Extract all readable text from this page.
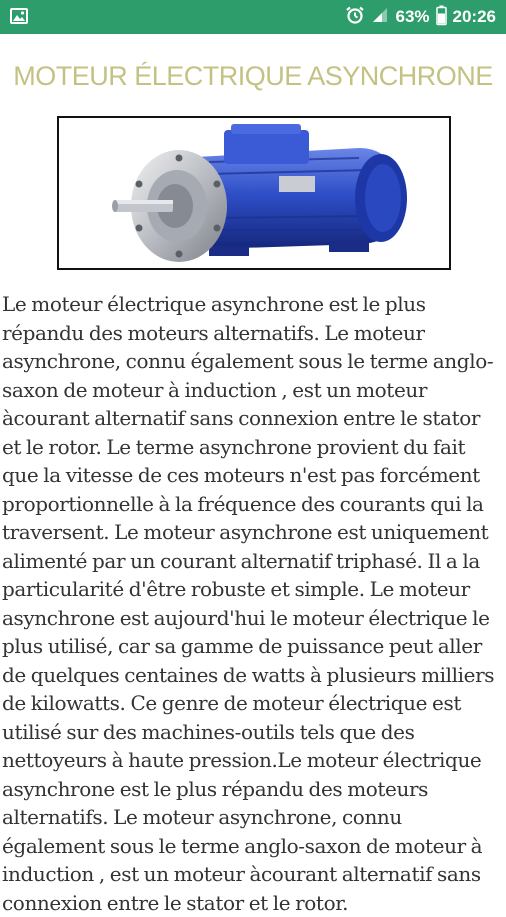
63% 20:26
MOTEUR ÉLECTRIQUE ASYNCHRONE

Le moteur électrique asynchrone est le plus répandu des moteurs alternatifs. Le moteur asynchrone, connu également sous le terme anglo-saxon de moteur à induction , est un moteur àcourant alternatif sans connexion entre le stator et le rotor. Le terme asynchrone provient du fait que la vitesse de ces moteurs n'est pas forcément proportionnelle à la fréquence des courants qui la traversent. Le moteur asynchrone est uniquement alimenté par un courant alternatif triphasé. Il a la particularité d'être robuste et simple. Le moteur asynchrone est aujourd'hui le moteur électrique le plus utilisé, car sa gamme de puissance peut aller de quelques centaines de watts à plusieurs milliers de kilowatts. Ce genre de moteur électrique est utilisé sur des machines-outils tels que des nettoyeurs à haute pression.Le moteur électrique asynchrone est le plus répandu des moteurs alternatifs. Le moteur asynchrone, connu également sous le terme anglo-saxon de moteur à induction , est un moteur àcourant alternatif sans connexion entre le stator et le rotor.
